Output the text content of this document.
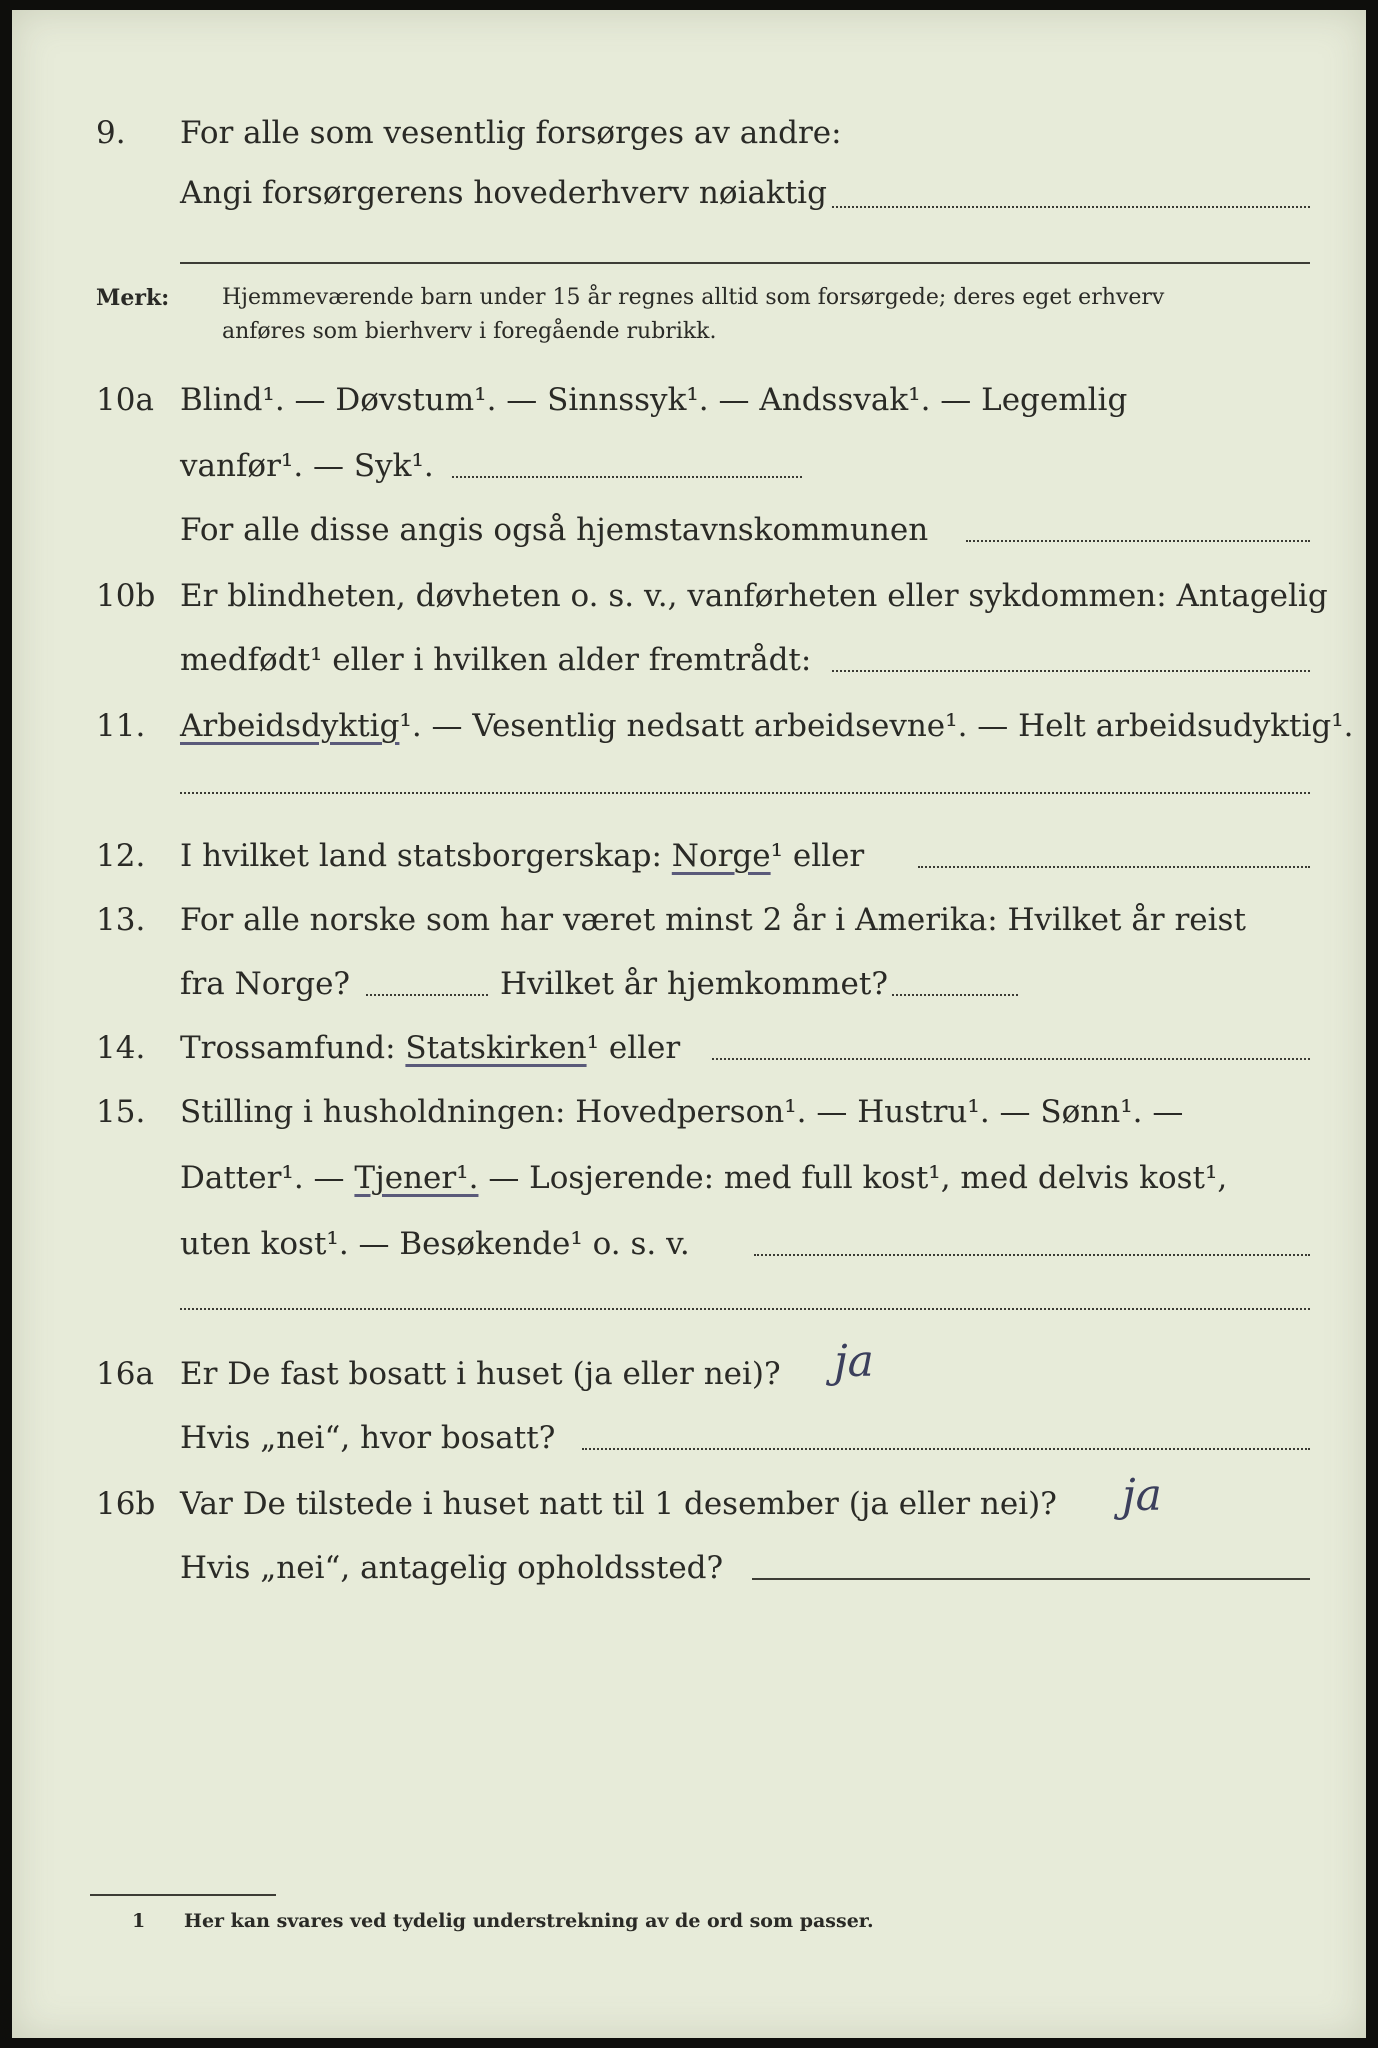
9. For alle som vesentlig forsørges av andre:
Angi forsørgerens hovederhverv nøiaktig
Merk: Hjemmeværende barn under 15 år regnes alltid som forsørgede; deres eget erhverv
anføres som bierhverv i foregående rubrikk.
10a Blind¹. — Døvstum¹. — Sinnssyk¹. — Andssvak¹. — Legemlig
vanfør¹. — Syk¹.
For alle disse angis også hjemstavnskommunen
10b Er blindheten, døvheten o. s. v., vanførheten eller sykdommen: Antagelig
medfødt¹ eller i hvilken alder fremtrådt:
11. Arbeidsdyktig¹. — Vesentlig nedsatt arbeidsevne¹. — Helt arbeidsudyktig¹.
12. I hvilket land statsborgerskap: Norge¹ eller
13. For alle norske som har været minst 2 år i Amerika: Hvilket år reist
fra Norge?	Hvilket år hjemkommet?
14. Trossamfund: Statskirken¹ eller
15. Stilling i husholdningen: Hovedperson¹. — Hustru¹. — Sønn¹. —
Datter¹. — Tjener¹. — Losjerende: med full kost¹, med delvis kost¹,
uten kost¹. — Besøkende¹ o. s. v.
16a Er De fast bosatt i huset (ja eller nei)? ja
Hvis „nei“, hvor bosatt?
16b Var De tilstede i huset natt til 1 desember (ja eller nei)? ja
Hvis „nei“, antagelig opholdssted?
1 Her kan svares ved tydelig understrekning av de ord som passer.
